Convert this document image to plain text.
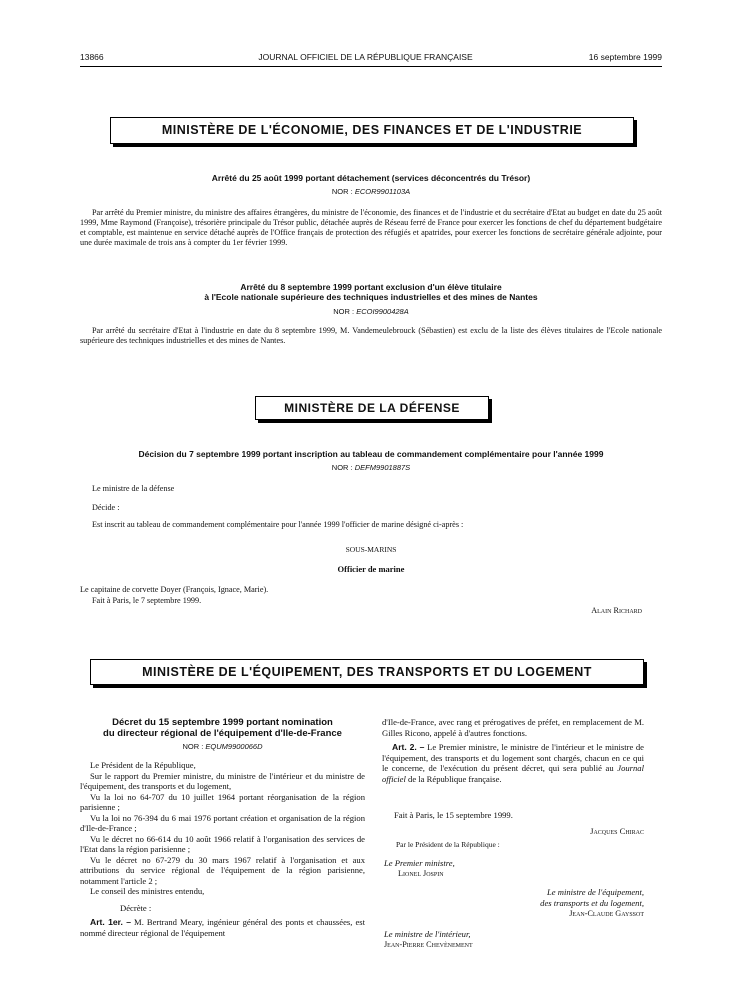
13866	JOURNAL OFFICIEL DE LA RÉPUBLIQUE FRANÇAISE	16 septembre 1999
MINISTÈRE DE L'ÉCONOMIE, DES FINANCES ET DE L'INDUSTRIE
Arrêté du 25 août 1999 portant détachement (services déconcentrés du Trésor)
NOR : ECOR9901103A

Par arrêté du Premier ministre, du ministre des affaires étrangères, du ministre de l'économie, des finances et de l'industrie et du secrétaire d'Etat au budget en date du 25 août 1999, Mme Raymond (Françoise), trésorière principale du Trésor public, détachée auprès de Réseau ferré de France pour exercer les fonctions de chef du département budgétaire et comptable, est maintenue en service détaché auprès de l'Office français de protection des réfugiés et apatrides, pour exercer les fonctions de secrétaire générale adjointe, pour une durée maximale de trois ans à compter du 1er février 1999.

Arrêté du 8 septembre 1999 portant exclusion d'un élève titulaire
à l'Ecole nationale supérieure des techniques industrielles et des mines de Nantes
NOR : ECOI9900428A

Par arrêté du secrétaire d'Etat à l'industrie en date du 8 septembre 1999, M. Vandemeulebrouck (Sébastien) est exclu de la liste des élèves titulaires de l'Ecole nationale supérieure des techniques industrielles et des mines de Nantes.

MINISTÈRE DE LA DÉFENSE
Décision du 7 septembre 1999 portant inscription au tableau de commandement complémentaire pour l'année 1999
NOR : DEFM9901887S
Le ministre de la défense
Décide :
Est inscrit au tableau de commandement complémentaire pour l'année 1999 l'officier de marine désigné ci-après :
SOUS-MARINS
Officier de marine
Le capitaine de corvette Doyer (François, Ignace, Marie).
Fait à Paris, le 7 septembre 1999.
Alain Richard
MINISTÈRE DE L'ÉQUIPEMENT, DES TRANSPORTS ET DU LOGEMENT
Décret du 15 septembre 1999 portant nomination
du directeur régional de l'équipement d'Ile-de-France
NOR : EQUM9900066D

Le Président de la République,

Sur le rapport du Premier ministre, du ministre de l'intérieur et du ministre de l'équipement, des transports et du logement,

Vu la loi no 64-707 du 10 juillet 1964 portant réorganisation de la région parisienne ;

Vu la loi no 76-394 du 6 mai 1976 portant création et organisation de la région d'Ile-de-France ;

Vu le décret no 66-614 du 10 août 1966 relatif à l'organisation des services de l'Etat dans la région parisienne ;

Vu le décret no 67-279 du 30 mars 1967 relatif à l'organisation et aux attributions du service régional de l'équipement de la région parisienne, notamment l'article 2 ;

Le conseil des ministres entendu,

Décrète :

Art. 1er. – M. Bertrand Meary, ingénieur général des ponts et chaussées, est nommé directeur régional de l'équipement

d'Ile-de-France, avec rang et prérogatives de préfet, en remplacement de M. Gilles Ricono, appelé à d'autres fonctions.

Art. 2. – Le Premier ministre, le ministre de l'intérieur et le ministre de l'équipement, des transports et du logement sont chargés, chacun en ce qui le concerne, de l'exécution du présent décret, qui sera publié au Journal officiel de la République française.

Fait à Paris, le 15 septembre 1999.
Jacques Chirac
Par le Président de la République :
Le Premier ministre,
Lionel Jospin
Le ministre de l'équipement,
des transports et du logement,
Jean-Claude Gayssot
Le ministre de l'intérieur,
Jean-Pierre Chevènement
